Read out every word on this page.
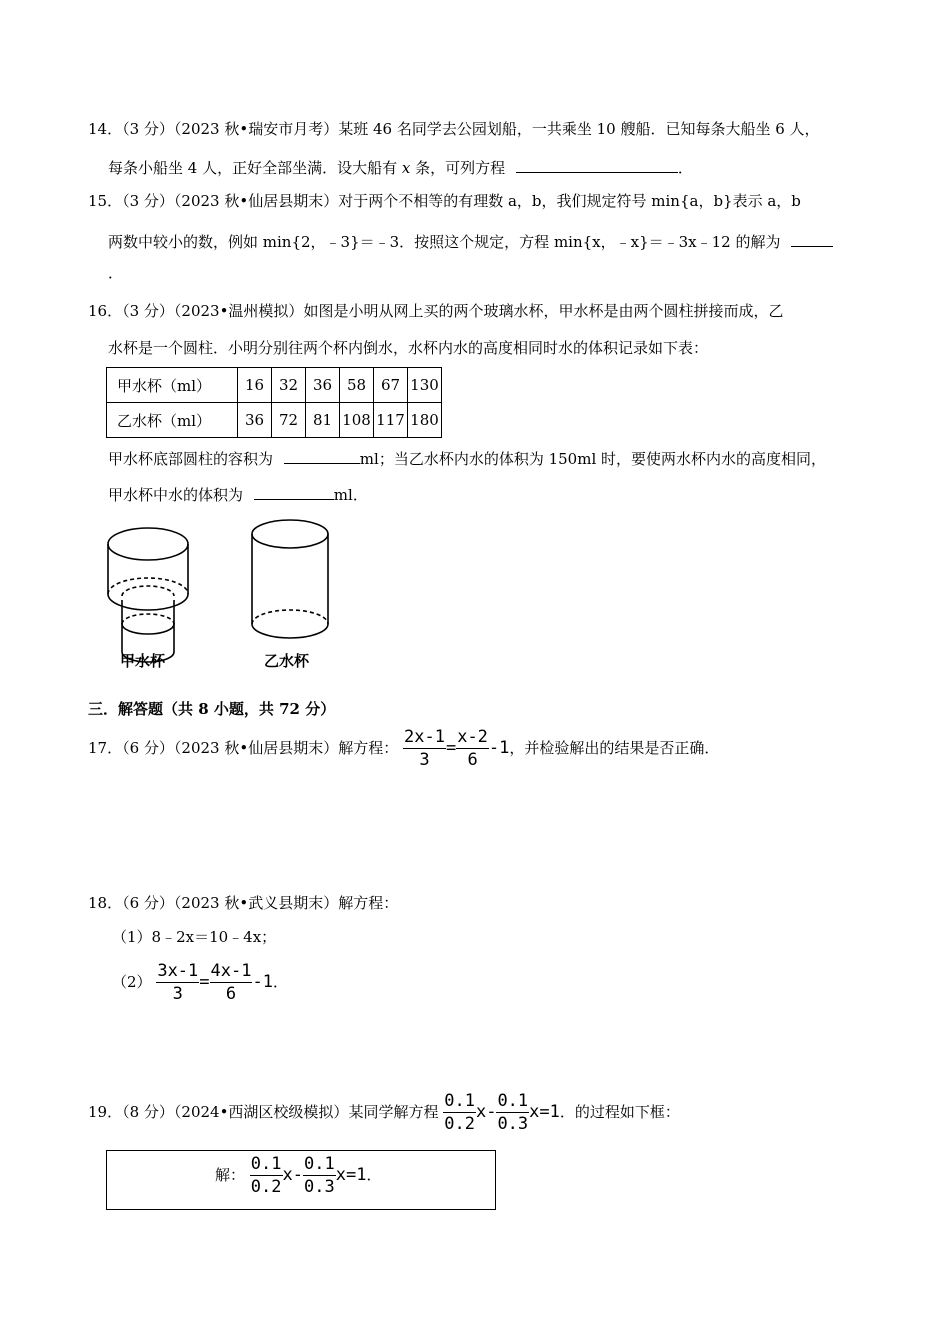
14．（3 分）（2023 秋•瑞安市月考）某班 46 名同学去公园划船，一共乘坐 10 艘船．已知每条大船坐 6 人，
每条小船坐 4 人，正好全部坐满．设大船有 x 条，可列方程	．
15．（3 分）（2023 秋•仙居县期末）对于两个不相等的有理数 a，b，我们规定符号 min{a，b}表示 a，b
两数中较小的数，例如 min{2，﹣3}＝﹣3．按照这个规定，方程 min{x，﹣x}＝﹣3x﹣12 的解为
．
16．（3 分）（2023•温州模拟）如图是小明从网上买的两个玻璃水杯，甲水杯是由两个圆柱拼接而成，乙
水杯是一个圆柱．小明分别往两个杯内倒水，水杯内水的高度相同时水的体积记录如下表：
甲水杯（ml）	16	32	36	58	67	130
乙水杯（ml）	36	72	81	108	117	180
甲水杯底部圆柱的容积为	ml；当乙水杯内水的体积为 150ml 时，要使两水杯内水的高度相同，
甲水杯中水的体积为	ml．
甲水杯	乙水杯
三．解答题（共 8 小题，共 72 分）
17．（6 分）（2023 秋•仙居县期末）解方程： $\frac{2x-1}{3} = \frac{x-2}{6} -1$，并检验解出的结果是否正确．
18．（6 分）（2023 秋•武义县期末）解方程：
（1）8﹣2x＝10﹣4x；
$(2) \frac{3x-1}{3} = \frac{4x-1}{6} -1$．
19．（8 分）（2024•西湖区校级模拟）某同学解方程 $\frac{0.1}{0.2} x- \frac{0.1}{0.3} x=1$．的过程如下框：
解： $\frac{0.1}{0.2} x- \frac{0.1}{0.3} x=1$．
